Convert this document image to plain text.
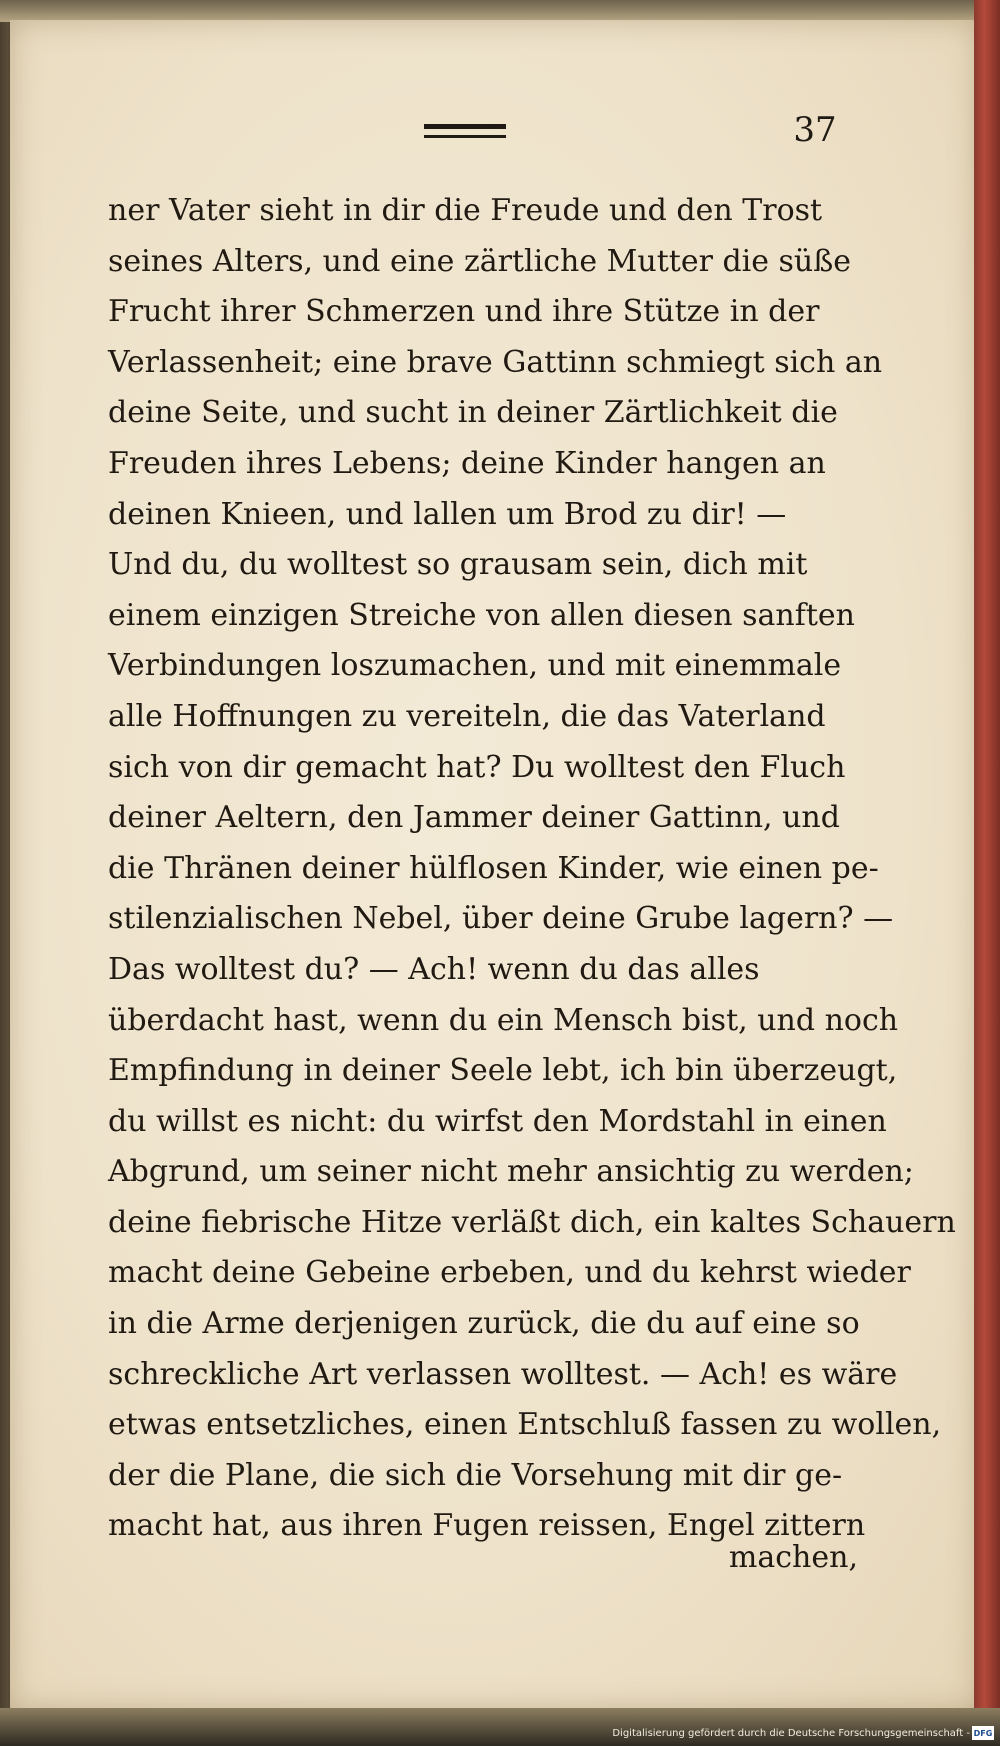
37
ner Vater sieht in dir die Freude und den Trost
seines Alters, und eine zärtliche Mutter die süße
Frucht ihrer Schmerzen und ihre Stütze in der
Verlassenheit; eine brave Gattinn schmiegt sich an
deine Seite, und sucht in deiner Zärtlichkeit die
Freuden ihres Lebens; deine Kinder hangen an
deinen Knieen, und lallen um Brod zu dir! —
Und du, du wolltest so grausam sein, dich mit
einem einzigen Streiche von allen diesen sanften
Verbindungen loszumachen, und mit einemmale
alle Hoffnungen zu vereiteln, die das Vaterland
sich von dir gemacht hat? Du wolltest den Fluch
deiner Aeltern, den Jammer deiner Gattinn, und
die Thränen deiner hülflosen Kinder, wie einen pe-
stilenzialischen Nebel, über deine Grube lagern? —
Das wolltest du? — Ach! wenn du das alles
überdacht hast, wenn du ein Mensch bist, und noch
Empfindung in deiner Seele lebt, ich bin überzeugt,
du willst es nicht: du wirfst den Mordstahl in einen
Abgrund, um seiner nicht mehr ansichtig zu werden;
deine fiebrische Hitze verläßt dich, ein kaltes Schauern
macht deine Gebeine erbeben, und du kehrst wieder
in die Arme derjenigen zurück, die du auf eine so
schreckliche Art verlassen wolltest. — Ach! es wäre
etwas entsetzliches, einen Entschluß fassen zu wollen,
der die Plane, die sich die Vorsehung mit dir ge-
macht hat, aus ihren Fugen reissen, Engel zittern
machen,
Digitalisierung gefördert durch die Deutsche Forschungsgemeinschaft - DFG
